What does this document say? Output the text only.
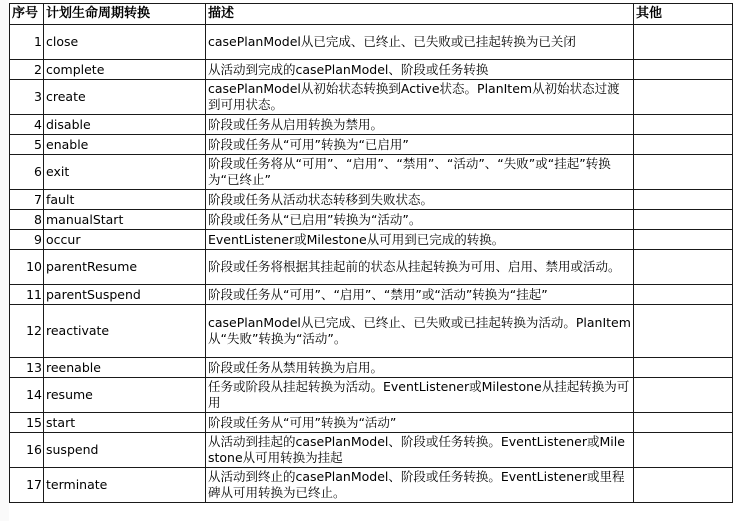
序号	计划生命周期转换	描述	其他
1	close	casePlanModel从已完成、已终止、已失败或已挂起转换为已关闭	
2	complete	从活动到完成的casePlanModel、阶段或任务转换	
3	create	casePlanModel从初始状态转换到Active状态。PlanItem从初始状态过渡到可用状态。	
4	disable	阶段或任务从启用转换为禁用。	
5	enable	阶段或任务从“可用”转换为“已启用”	
6	exit	阶段或任务将从“可用”、“启用”、“禁用”、“活动”、“失败”或“挂起”转换为“已终止”	
7	fault	阶段或任务从活动状态转移到失败状态。	
8	manualStart	阶段或任务从“已启用”转换为“活动”。	
9	occur	EventListener或Milestone从可用到已完成的转换。	
10	parentResume	阶段或任务将根据其挂起前的状态从挂起转换为可用、启用、禁用或活动。	
11	parentSuspend	阶段或任务从“可用”、“启用”、“禁用”或“活动”转换为“挂起”	
12	reactivate	casePlanModel从已完成、已终止、已失败或已挂起转换为活动。PlanItem从“失败”转换为“活动”。	
13	reenable	阶段或任务从禁用转换为启用。	
14	resume	任务或阶段从挂起转换为活动。EventListener或Milestone从挂起转换为可用	
15	start	阶段或任务从“可用”转换为“活动”	
16	suspend	从活动到挂起的casePlanModel、阶段或任务转换。EventListener或Milestone从可用转换为挂起	
17	terminate	从活动到终止的casePlanModel、阶段或任务转换。EventListener或里程碑从可用转换为已终止。	
